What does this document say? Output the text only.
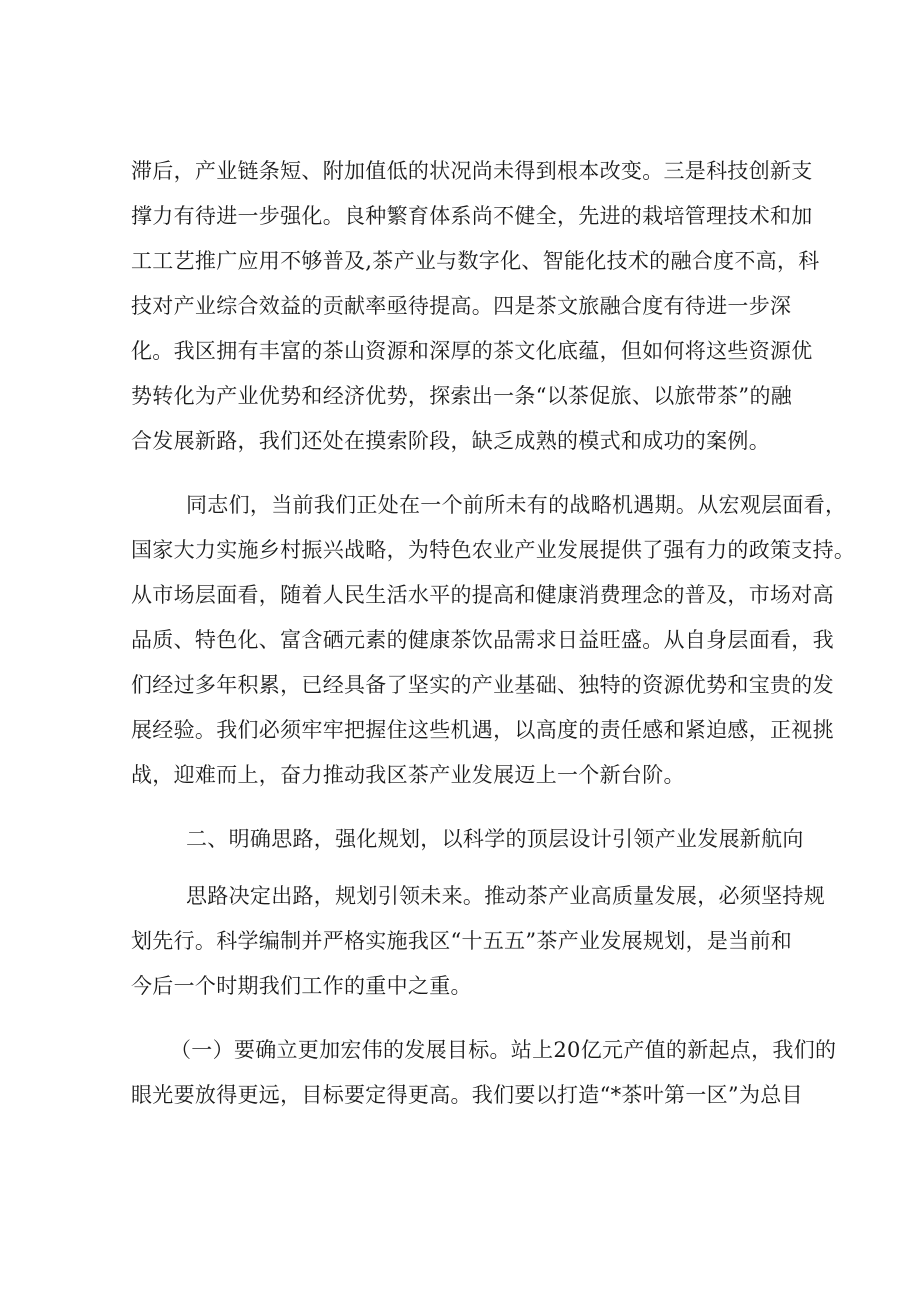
滞后，产业链条短、附加值低的状况尚未得到根本改变。三是科技创新支
撑力有待进一步强化。良种繁育体系尚不健全，先进的栽培管理技术和加
工工艺推广应用不够普及,茶产业与数字化、智能化技术的融合度不高，科
技对产业综合效益的贡献率亟待提高。四是茶文旅融合度有待进一步深
化。我区拥有丰富的茶山资源和深厚的茶文化底蕴，但如何将这些资源优
势转化为产业优势和经济优势，探索出一条“以茶促旅、以旅带茶”的融
合发展新路，我们还处在摸索阶段，缺乏成熟的模式和成功的案例。
同志们，当前我们正处在一个前所未有的战略机遇期。从宏观层面看，
国家大力实施乡村振兴战略，为特色农业产业发展提供了强有力的政策支持。
从市场层面看，随着人民生活水平的提高和健康消费理念的普及，市场对高
品质、特色化、富含硒元素的健康茶饮品需求日益旺盛。从自身层面看，我
们经过多年积累，已经具备了坚实的产业基础、独特的资源优势和宝贵的发
展经验。我们必须牢牢把握住这些机遇，以高度的责任感和紧迫感，正视挑
战，迎难而上，奋力推动我区茶产业发展迈上一个新台阶。
二、明确思路，强化规划，以科学的顶层设计引领产业发展新航向
思路决定出路，规划引领未来。推动茶产业高质量发展，必须坚持规
划先行。科学编制并严格实施我区“十五五”茶产业发展规划，是当前和
今后一个时期我们工作的重中之重。
（一）要确立更加宏伟的发展目标。站上20亿元产值的新起点，我们的
眼光要放得更远，目标要定得更高。我们要以打造“*茶叶第一区”为总目
